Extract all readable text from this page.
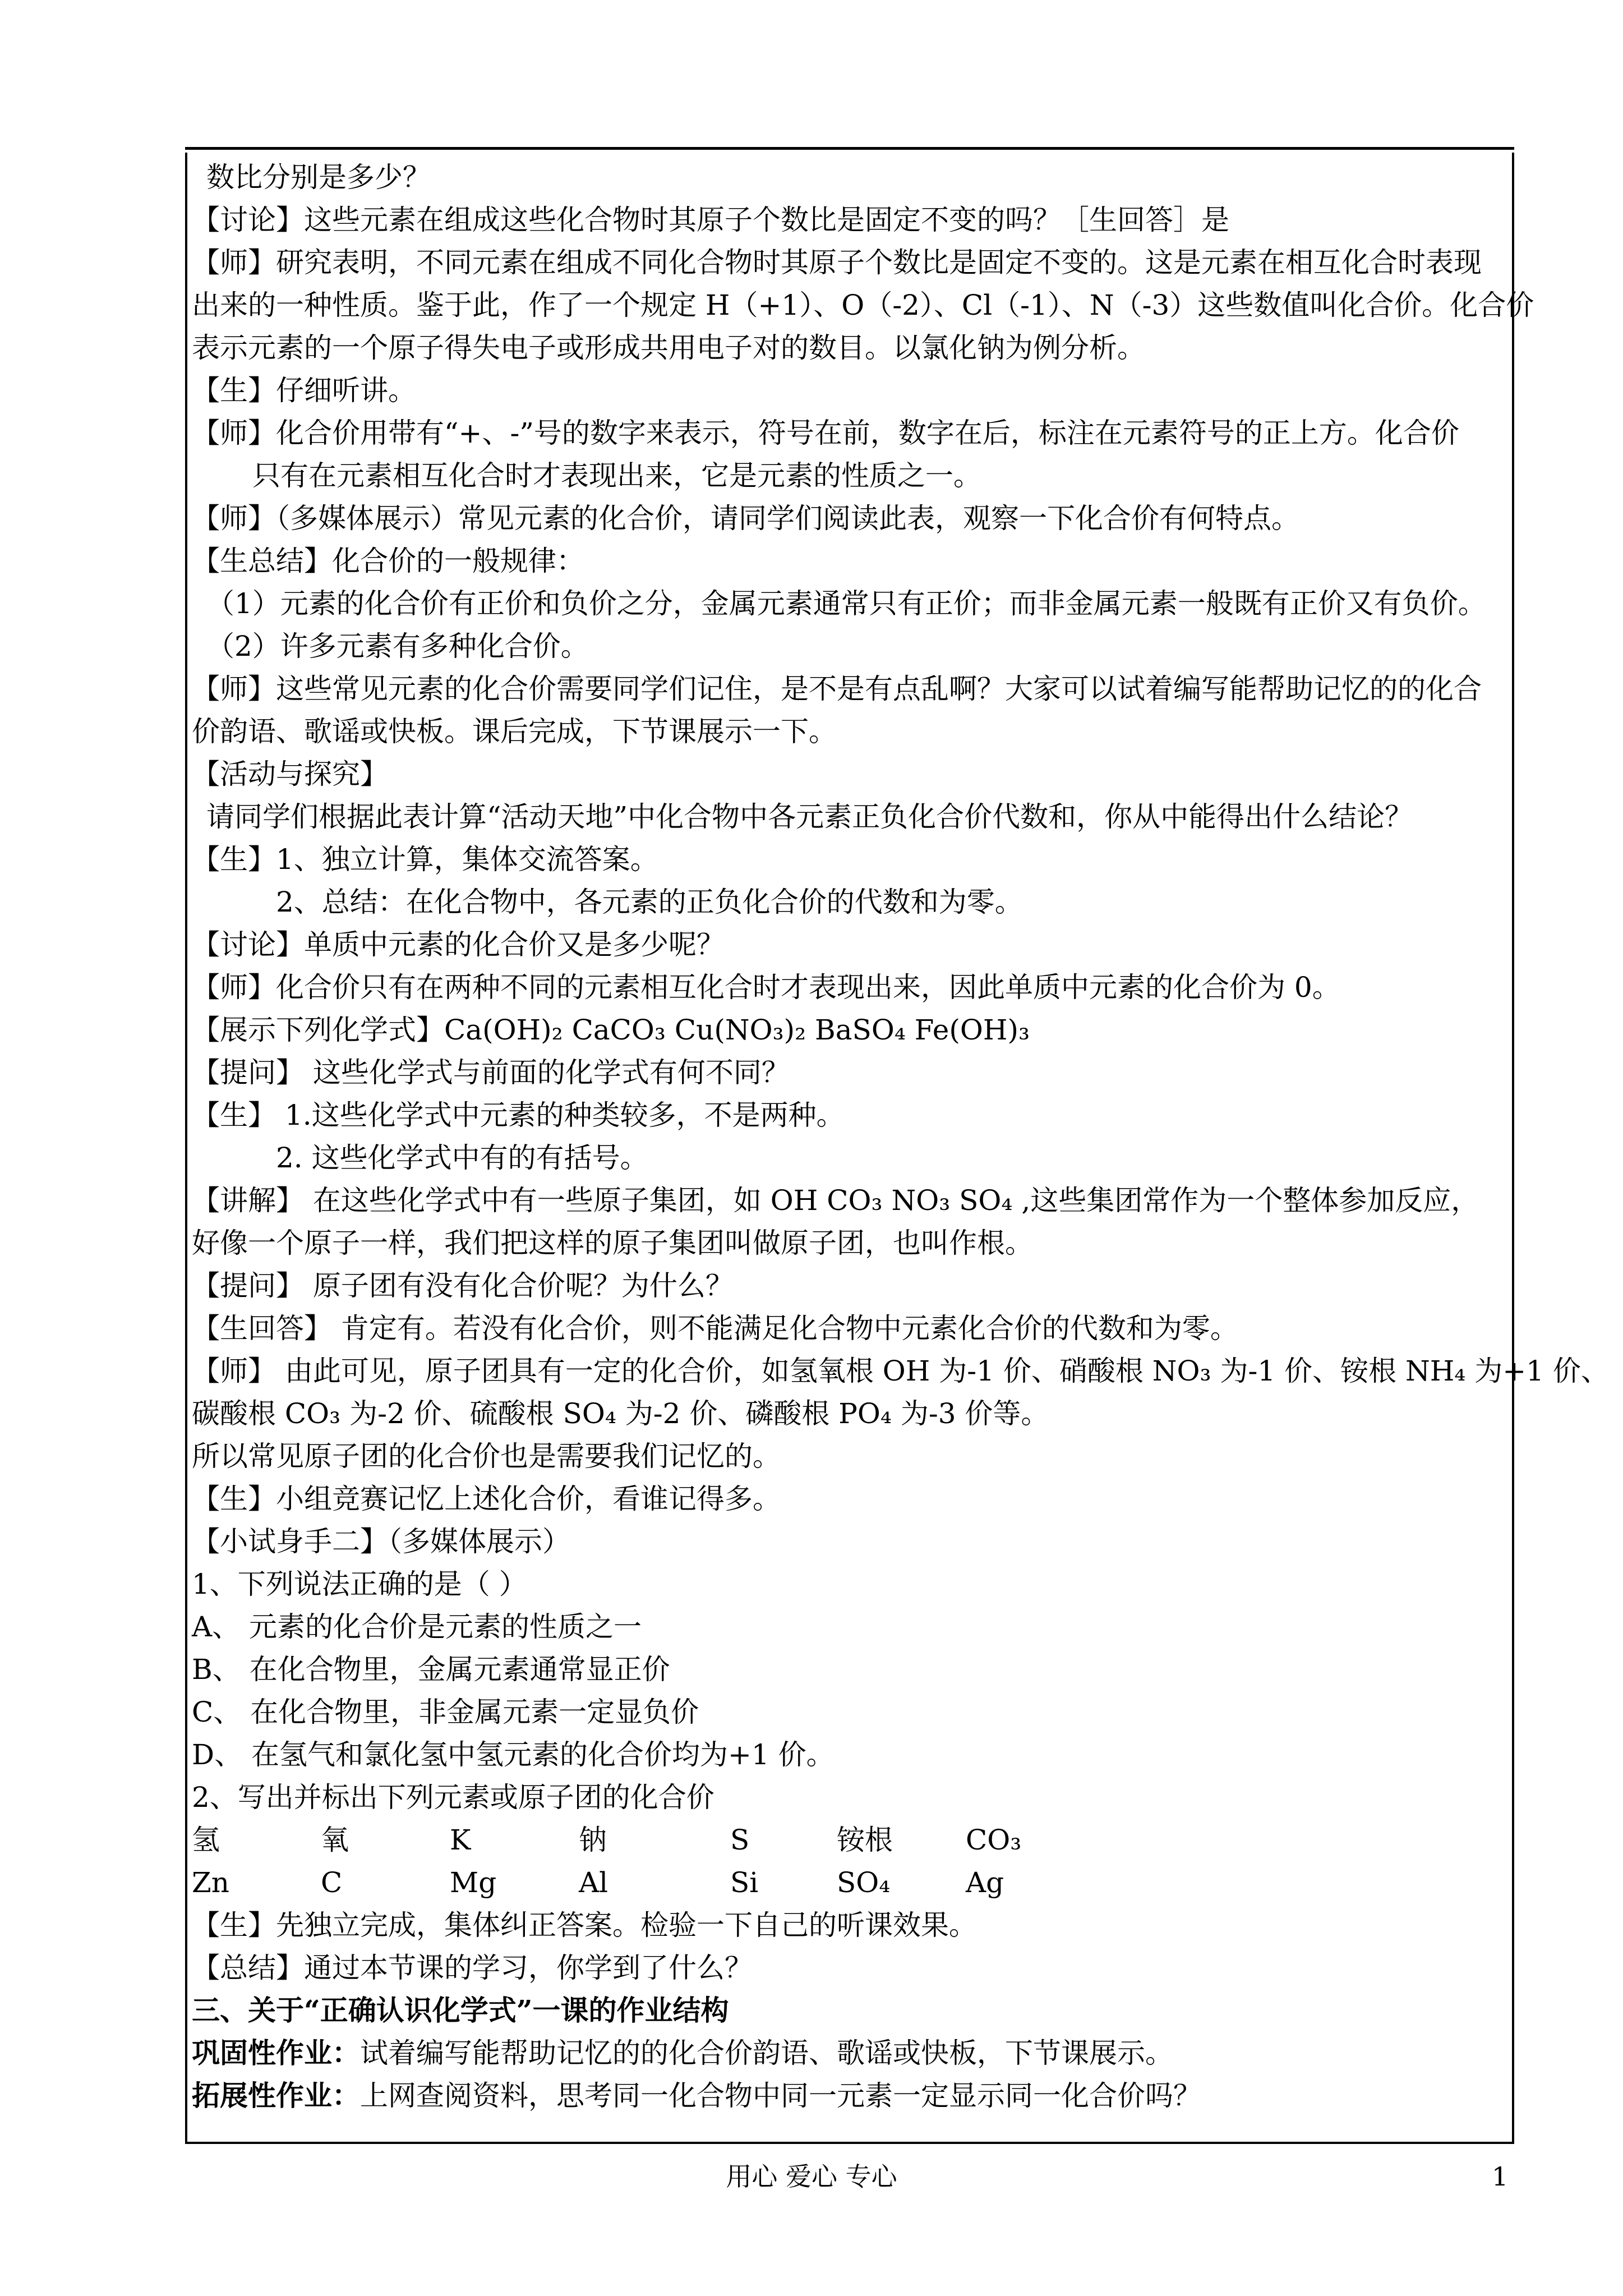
数比分别是多少？
【讨论】这些元素在组成这些化合物时其原子个数比是固定不变的吗？［生回答］是
【师】研究表明，不同元素在组成不同化合物时其原子个数比是固定不变的。这是元素在相互化合时表现
出来的一种性质。鉴于此，作了一个规定 H（+1）、O（-2）、Cl（-1）、N（-3）这些数值叫化合价。化合价
表示元素的一个原子得失电子或形成共用电子对的数目。以氯化钠为例分析。
【生】仔细听讲。
【师】化合价用带有“+、-”号的数字来表示，符号在前，数字在后，标注在元素符号的正上方。化合价
只有在元素相互化合时才表现出来，它是元素的性质之一。
【师】（多媒体展示）常见元素的化合价，请同学们阅读此表，观察一下化合价有何特点。
【生总结】化合价的一般规律：
（1）元素的化合价有正价和负价之分，金属元素通常只有正价；而非金属元素一般既有正价又有负价。
（2）许多元素有多种化合价。
【师】这些常见元素的化合价需要同学们记住，是不是有点乱啊？大家可以试着编写能帮助记忆的的化合
价韵语、歌谣或快板。课后完成，下节课展示一下。
【活动与探究】
请同学们根据此表计算“活动天地”中化合物中各元素正负化合价代数和，你从中能得出什么结论？
【生】1、独立计算，集体交流答案。
2、总结：在化合物中，各元素的正负化合价的代数和为零。
【讨论】单质中元素的化合价又是多少呢？
【师】化合价只有在两种不同的元素相互化合时才表现出来，因此单质中元素的化合价为 0。
【展示下列化学式】Ca(OH)₂ CaCO₃ Cu(NO₃)₂ BaSO₄ Fe(OH)₃
【提问】 这些化学式与前面的化学式有何不同？
【生】 1.这些化学式中元素的种类较多，不是两种。
2. 这些化学式中有的有括号。
【讲解】 在这些化学式中有一些原子集团，如 OH CO₃ NO₃ SO₄ ,这些集团常作为一个整体参加反应，
好像一个原子一样，我们把这样的原子集团叫做原子团，也叫作根。
【提问】 原子团有没有化合价呢？为什么？
【生回答】 肯定有。若没有化合价，则不能满足化合物中元素化合价的代数和为零。
【师】 由此可见，原子团具有一定的化合价，如氢氧根 OH 为-1 价、硝酸根 NO₃ 为-1 价、铵根 NH₄ 为+1 价、
碳酸根 CO₃ 为-2 价、硫酸根 SO₄ 为-2 价、磷酸根 PO₄ 为-3 价等。
所以常见原子团的化合价也是需要我们记忆的。
【生】小组竞赛记忆上述化合价，看谁记得多。
【小试身手二】（多媒体展示）
1、下列说法正确的是（ ）
A、 元素的化合价是元素的性质之一
B、 在化合物里，金属元素通常显正价
C、 在化合物里，非金属元素一定显负价
D、 在氢气和氯化氢中氢元素的化合价均为+1 价。
2、写出并标出下列元素或原子团的化合价
氢	氧	K	钠	S	铵根	CO₃
Zn	C	Mg	Al	Si	SO₄	Ag
【生】先独立完成，集体纠正答案。检验一下自己的听课效果。
【总结】通过本节课的学习，你学到了什么？
三、关于“正确认识化学式”一课的作业结构
巩固性作业：试着编写能帮助记忆的的化合价韵语、歌谣或快板，下节课展示。
拓展性作业：上网查阅资料，思考同一化合物中同一元素一定显示同一化合价吗？
用心 爱心 专心	1
